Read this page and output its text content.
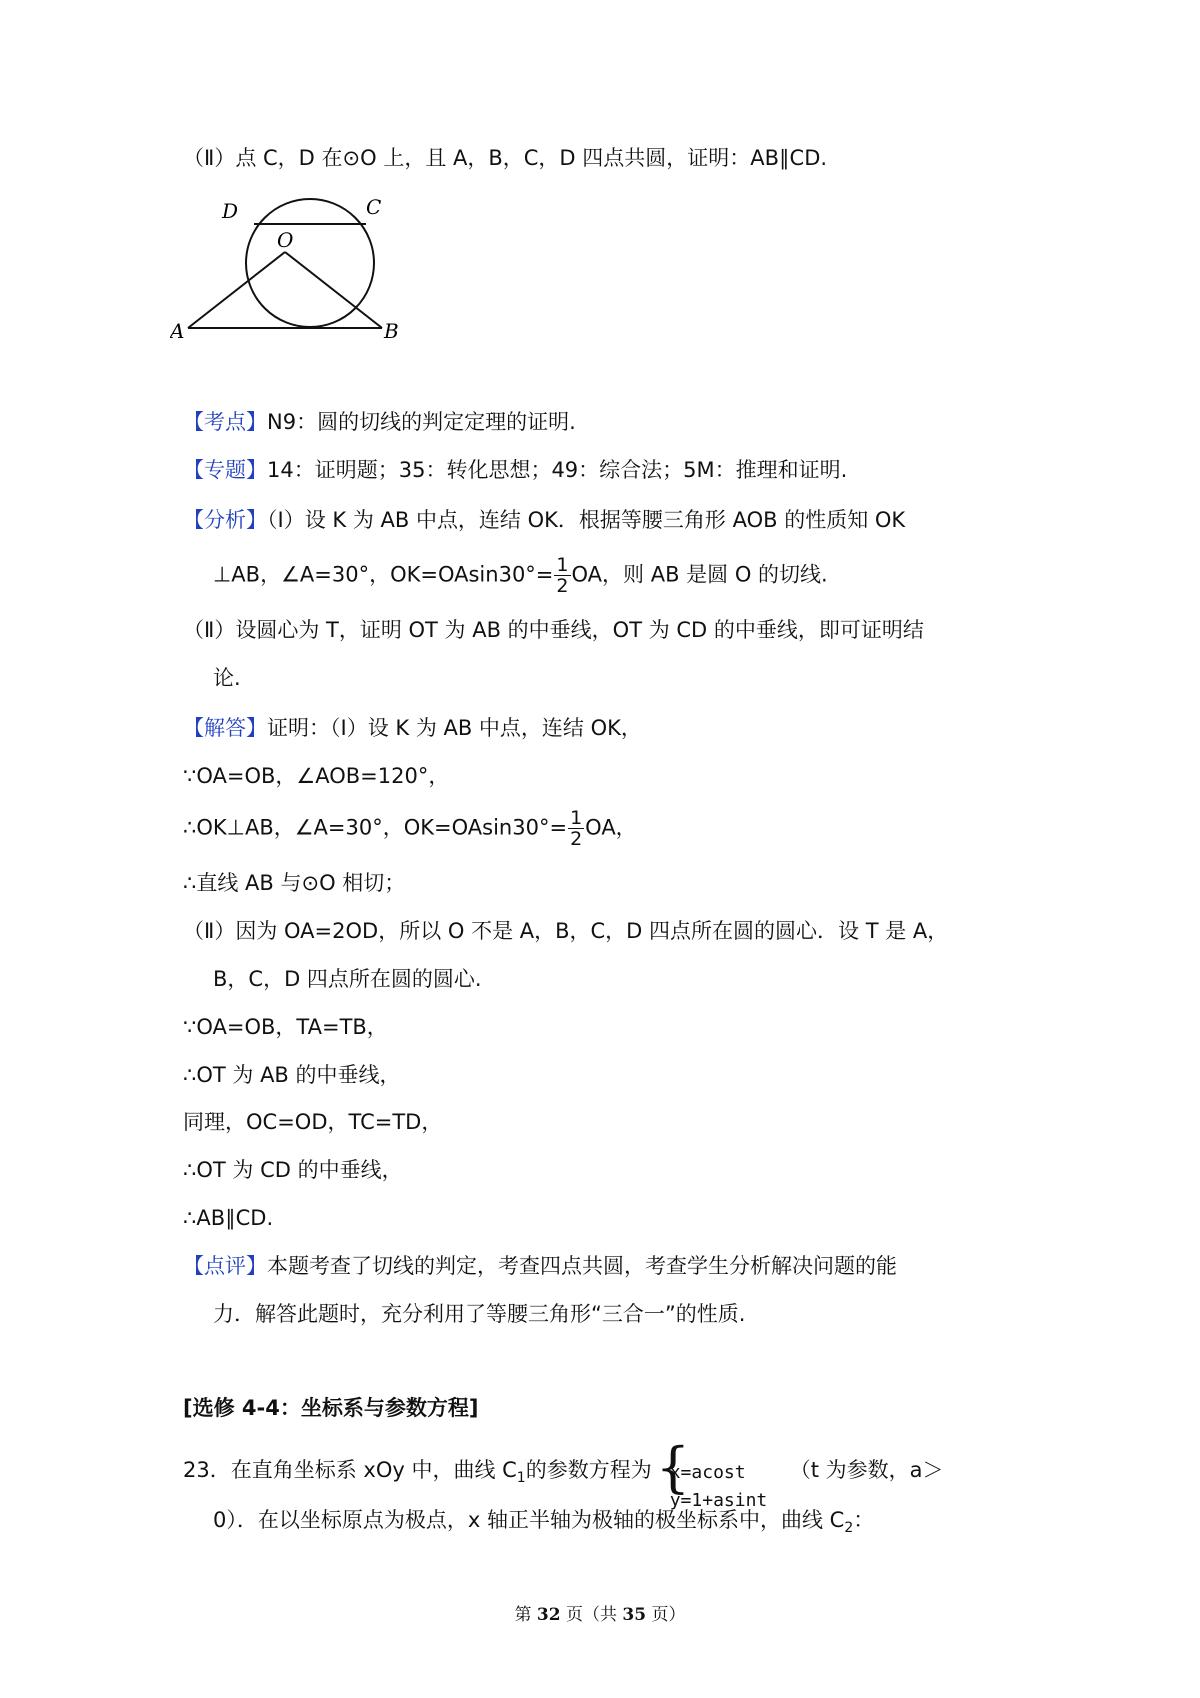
（Ⅱ）点 C，D 在⊙O 上，且 A，B，C，D 四点共圆，证明：AB∥CD.
D	C
O
A	B
【考点】N9：圆的切线的判定定理的证明.
【专题】14：证明题；35：转化思想；49：综合法；5M：推理和证明.
【分析】（Ⅰ）设 K 为 AB 中点，连结 OK．根据等腰三角形 AOB 的性质知 OK
⊥AB，∠A=30°，$OK=OAsin30^\circ= \frac{1}{2}$ OA，则 AB 是圆 O 的切线.
（Ⅱ）设圆心为 T，证明 OT 为 AB 的中垂线，OT 为 CD 的中垂线，即可证明结
论.
【解答】证明：（Ⅰ）设 K 为 AB 中点，连结 OK，
∵OA=OB，∠AOB=120°，
∴OK⊥AB，∠A=30°，$OK=OAsin30^\circ= \frac{1}{2}$ OA，
∴直线 AB 与⊙O 相切；
（Ⅱ）因为 OA=2OD，所以 O 不是 A，B，C，D 四点所在圆的圆心．设 T 是 A，
B，C，D 四点所在圆的圆心.
∵OA=OB，TA=TB，
∴OT 为 AB 的中垂线，
同理，OC=OD，TC=TD，
∴OT 为 CD 的中垂线，
∴AB∥CD.
【点评】本题考查了切线的判定，考查四点共圆，考查学生分析解决问题的能
力．解答此题时，充分利用了等腰三角形“三合一”的性质.
[选修 4-4：坐标系与参数方程]
23．在直角坐标系 xOy 中，曲线 $C_1$的参数方程为 {
x=acost
y=1+asint
（t 为参数，a＞
0）．在以坐标原点为极点，x 轴正半轴为极轴的极坐标系中，曲线 $C_2$：
第 32 页（共 35 页）
